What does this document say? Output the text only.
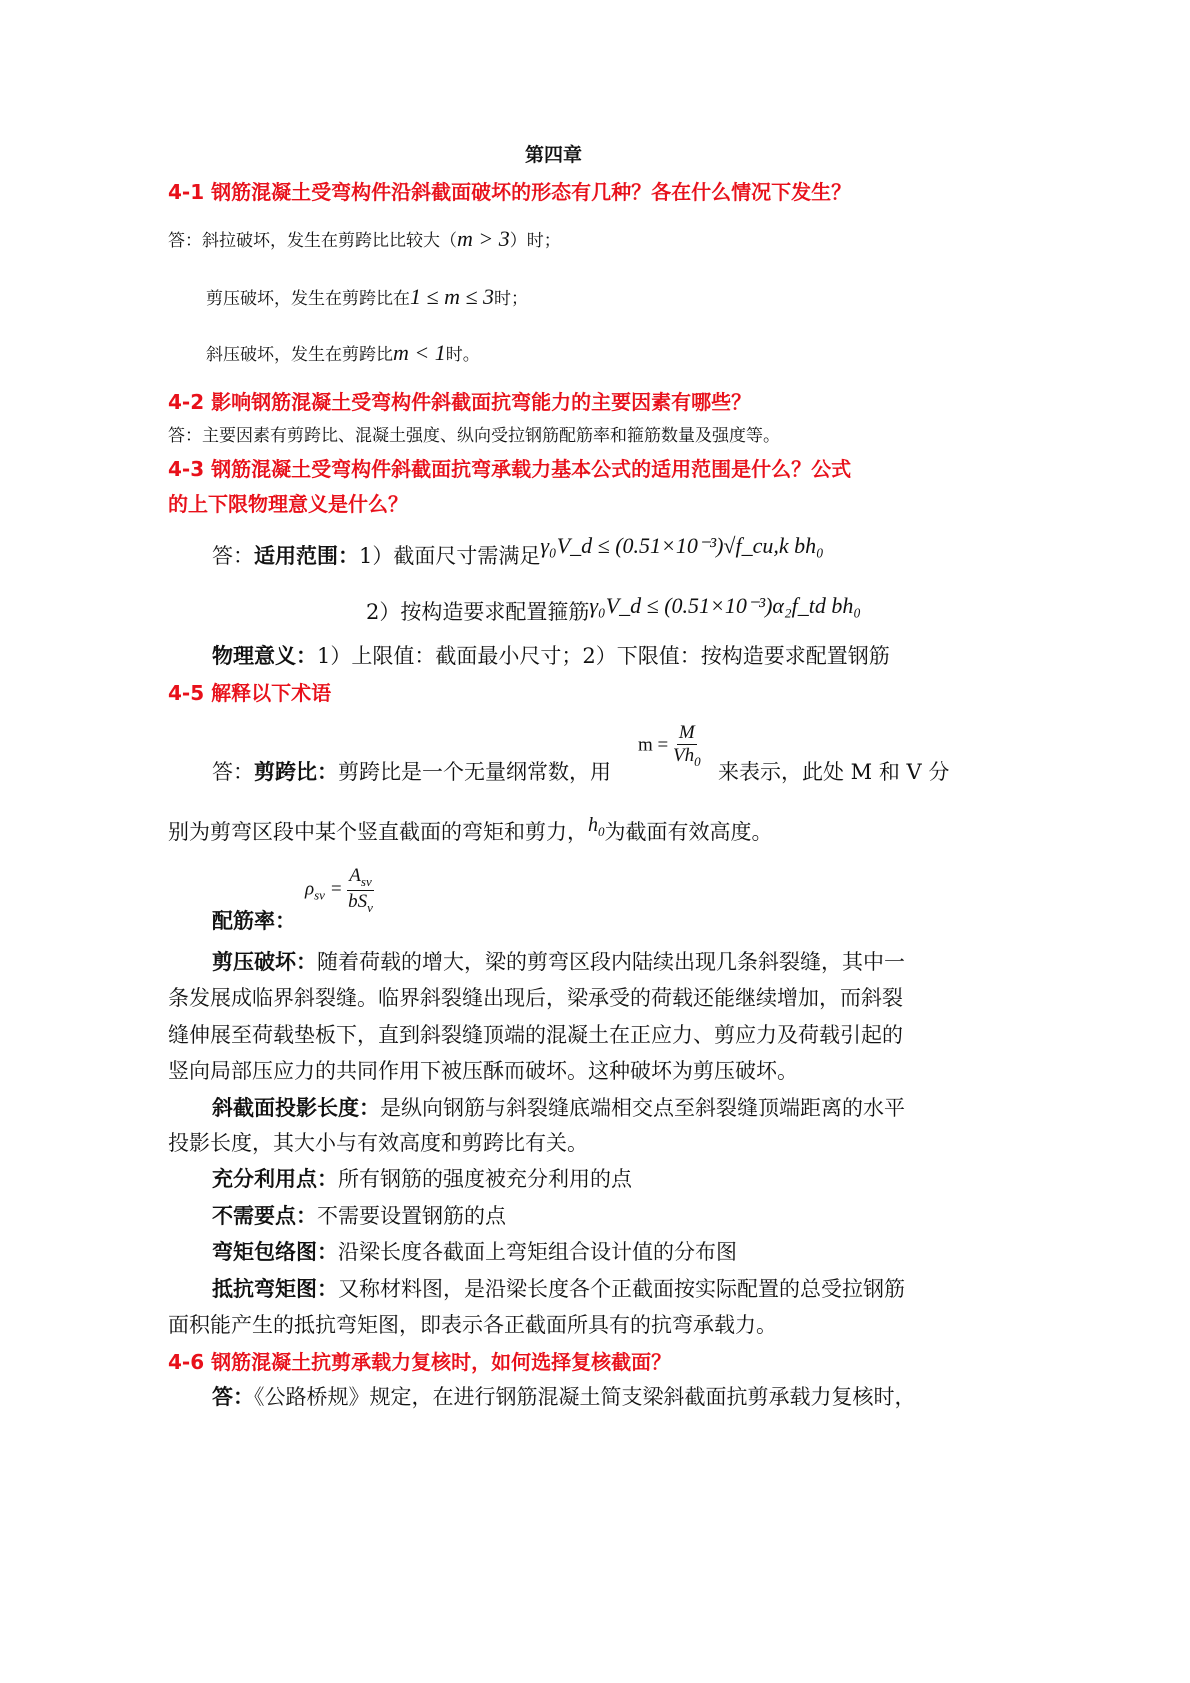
第四章
4-1 钢筋混凝土受弯构件沿斜截面破坏的形态有几种？各在什么情况下发生？
答：斜拉破坏，发生在剪跨比比较大（m > 3）时；
剪压破坏，发生在剪跨比在1 ≤ m ≤ 3时；
斜压破坏，发生在剪跨比m < 1时。
4-2 影响钢筋混凝土受弯构件斜截面抗弯能力的主要因素有哪些？
答：主要因素有剪跨比、混凝土强度、纵向受拉钢筋配筋率和箍筋数量及强度等。
4-3 钢筋混凝土受弯构件斜截面抗弯承载力基本公式的适用范围是什么？公式
的上下限物理意义是什么？
答：适用范围：1）截面尺寸需满足γ₀V_d ≤ (0.51×10⁻³)√f_cu,k bh₀
2）按构造要求配置箍筋γ₀V_d ≤ (0.51×10⁻³)α₂f_td bh₀
物理意义：1）上限值：截面最小尺寸；2）下限值：按构造要求配置钢筋
4-5 解释以下术语
答：剪跨比：剪跨比是一个无量纲常数，用
$m = \frac{M}{Vh_0}$
来表示，此处 M 和 V 分
别为剪弯区段中某个竖直截面的弯矩和剪力，$h_0$为截面有效高度。
$\rho_{sv} = \frac{A_{sv}}{bS_v}$
配筋率：
剪压破坏：随着荷载的增大，梁的剪弯区段内陆续出现几条斜裂缝，其中一
条发展成临界斜裂缝。临界斜裂缝出现后，梁承受的荷载还能继续增加，而斜裂
缝伸展至荷载垫板下，直到斜裂缝顶端的混凝土在正应力、剪应力及荷载引起的
竖向局部压应力的共同作用下被压酥而破坏。这种破坏为剪压破坏。
斜截面投影长度：是纵向钢筋与斜裂缝底端相交点至斜裂缝顶端距离的水平
投影长度，其大小与有效高度和剪跨比有关。
充分利用点：所有钢筋的强度被充分利用的点
不需要点：不需要设置钢筋的点
弯矩包络图：沿梁长度各截面上弯矩组合设计值的分布图
抵抗弯矩图：又称材料图，是沿梁长度各个正截面按实际配置的总受拉钢筋
面积能产生的抵抗弯矩图，即表示各正截面所具有的抗弯承载力。
4-6 钢筋混凝土抗剪承载力复核时，如何选择复核截面？
答：《公路桥规》规定，在进行钢筋混凝土简支梁斜截面抗剪承载力复核时，
